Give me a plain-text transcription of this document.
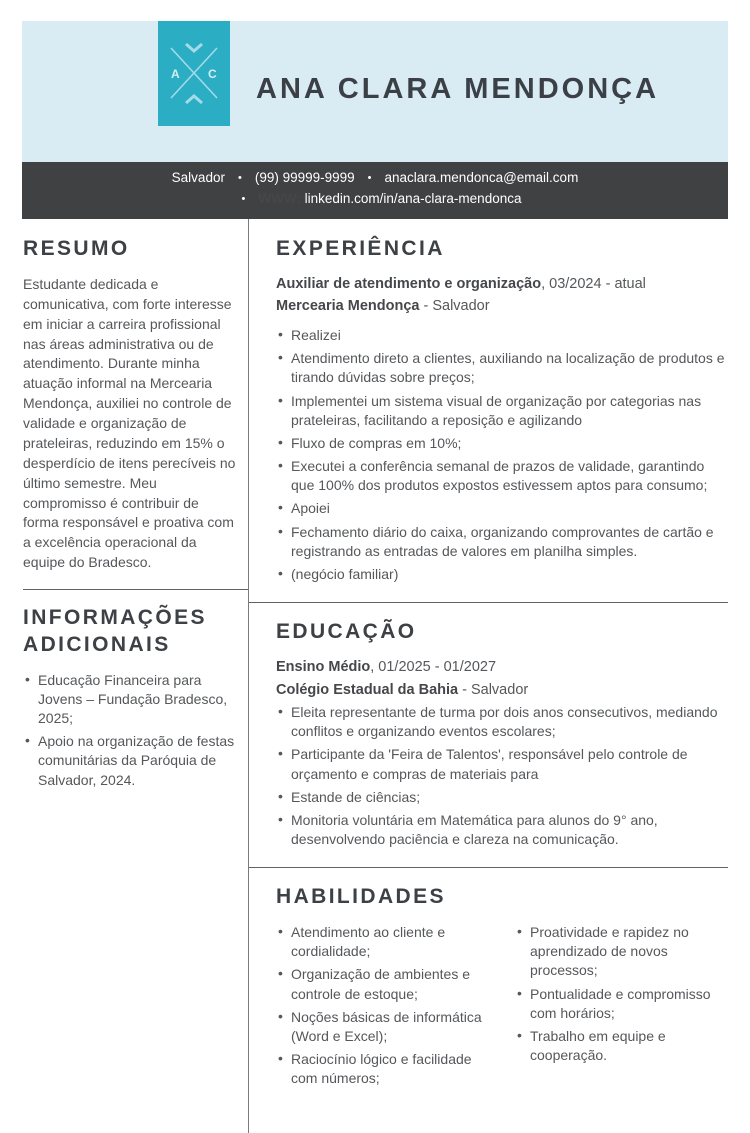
A C ANA CLARA MENDONÇA
Salvador • (99) 99999-9999 • anaclara.mendonca@email.com
• WWW: linkedin.com/in/ana-clara-mendonca
RESUMO

Estudante dedicada e comunicativa, com forte interesse em iniciar a carreira profissional nas áreas administrativa ou de atendimento. Durante minha atuação informal na Mercearia Mendonça, auxiliei no controle de validade e organização de prateleiras, reduzindo em 15% o desperdício de itens perecíveis no último semestre. Meu compromisso é contribuir de forma responsável e proativa com a excelência operacional da equipe do Bradesco.

INFORMAÇÕES ADICIONAIS
• Educação Financeira para Jovens – Fundação Bradesco, 2025;
• Apoio na organização de festas comunitárias da Paróquia de Salvador, 2024.
EXPERIÊNCIA

Auxiliar de atendimento e organização, 03/2024 - atual

Mercearia Mendonça - Salvador

• Realizei
• Atendimento direto a clientes, auxiliando na localização de produtos e tirando dúvidas sobre preços;
• Implementei um sistema visual de organização por categorias nas prateleiras, facilitando a reposição e agilizando
• Fluxo de compras em 10%;
• Executei a conferência semanal de prazos de validade, garantindo que 100% dos produtos expostos estivessem aptos para consumo;
• Apoiei
• Fechamento diário do caixa, organizando comprovantes de cartão e registrando as entradas de valores em planilha simples.
• (negócio familiar)
EDUCAÇÃO

Ensino Médio, 01/2025 - 01/2027

Colégio Estadual da Bahia - Salvador

• Eleita representante de turma por dois anos consecutivos, mediando conflitos e organizando eventos escolares;
• Participante da 'Feira de Talentos', responsável pelo controle de orçamento e compras de materiais para
• Estande de ciências;
• Monitoria voluntária em Matemática para alunos do 9° ano, desenvolvendo paciência e clareza na comunicação.
HABILIDADES
• Atendimento ao cliente e cordialidade;
• Organização de ambientes e controle de estoque;
• Noções básicas de informática (Word e Excel);
• Raciocínio lógico e facilidade com números;
• Proatividade e rapidez no aprendizado de novos processos;
• Pontualidade e compromisso com horários;
• Trabalho em equipe e cooperação.
